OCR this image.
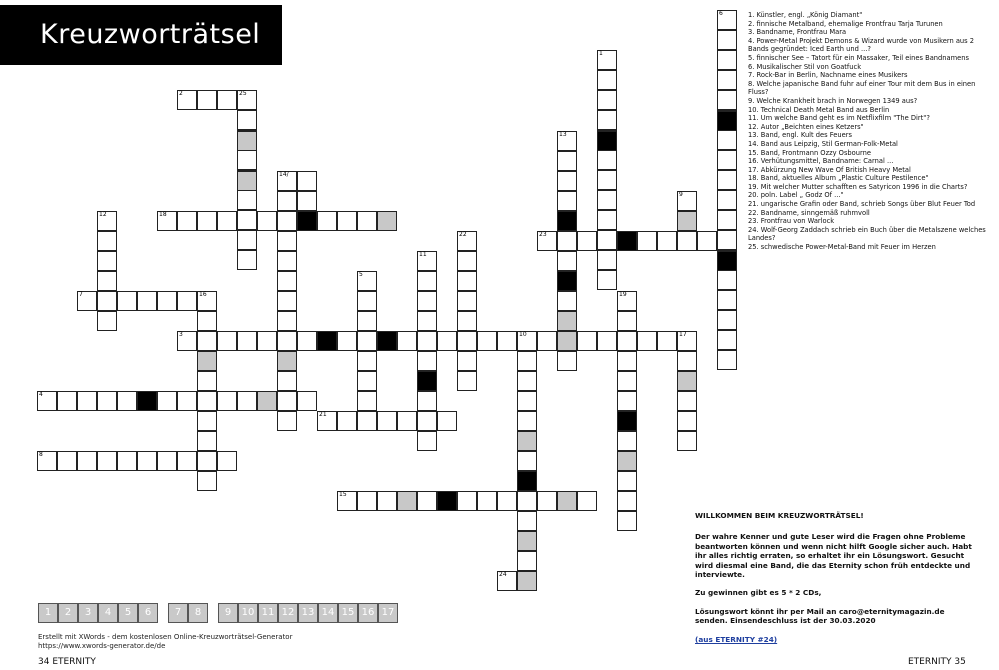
Kreuzworträtsel
2	25
18
7
3	10	17
4
21
8
23
15
24
14/
12
22
11
5
16	19
13
1
9
6	1. Künstler, engl. „König Diamant"
2. finnische Metalband, ehemalige Frontfrau Tarja Turunen
3. Bandname, Frontfrau Mara
4. Power-Metal Projekt Demons & Wizard wurde von Musikern aus 2 Bands gegründet: Iced Earth und ...?
5. finnischer See – Tatort für ein Massaker, Teil eines Bandnamens
6. Musikalischer Stil von Goatfuck
7. Rock-Bar in Berlin, Nachname eines Musikers
8. Welche japanische Band fuhr auf einer Tour mit dem Bus in einen Fluss?
9. Welche Krankheit brach in Norwegen 1349 aus?
10. Technical Death Metal Band aus Berlin
11. Um welche Band geht es im Netflixfilm "The Dirt"?
12. Autor „Beichten eines Ketzers"
13. Band, engl. Kult des Feuers
14. Band aus Leipzig, Stil German-Folk-Metal
15. Band, Frontmann Ozzy Osbourne
16. Verhütungsmittel, Bandname: Carnal ...
17. Abkürzung New Wave Of British Heavy Metal
18. Band, aktuelles Album „Plastic Culture Pestilence"
19. Mit welcher Mutter schafften es Satyricon 1996 in die Charts?
20. poln. Label „ Godz Of ..."
21. ungarische Grafin oder Band, schrieb Songs über Blut Feuer Tod
22. Bandname, sinngemäß ruhmvoll
23. Frontfrau von Warlock
24. Wolf-Georg Zaddach schrieb ein Buch über die Metalszene welches Landes?
25. schwedische Power-Metal-Band mit Feuer im Herzen

WILLKOMMEN BEIM KREUZWORTRÄTSEL!

Der wahre Kenner und gute Leser wird die Fragen ohne Probleme beantworten können und wenn nicht hilft Google sicher auch. Habt ihr alles richtig erraten, so erhaltet ihr ein Lösungswort. Gesucht wird diesmal eine Band, die das Eternity schon früh entdeckte und interviewte.

Zu gewinnen gibt es 5 * 2 CDs,

Lösungswort könnt ihr per Mail an caro@eternitymagazin.de senden. Einsendeschluss ist der 30.03.2020

(aus ETERNITY #24)

1	2	3	4	5	6	7	8	9	10 11 12 13 14 15 16 17
Erstellt mit XWords - dem kostenlosen Online-Kreuzworträtsel-Generator
https://www.xwords-generator.de/de
34 ETERNITY	ETERNITY 35
